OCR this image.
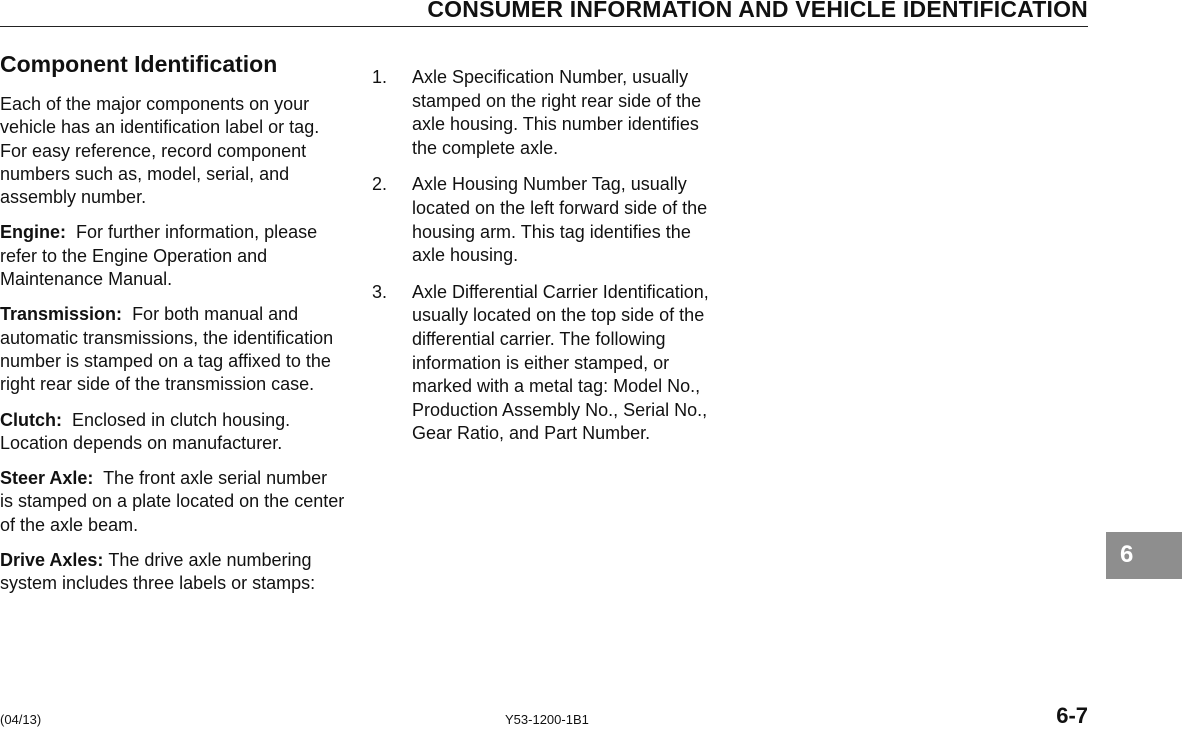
CONSUMER INFORMATION AND VEHICLE IDENTIFICATION
Component Identification

Each of the major components on your vehicle has an identification label or tag. For easy reference, record component numbers such as, model, serial, and assembly number.

Engine: For further information, please refer to the Engine Operation and Maintenance Manual.

Transmission: For both manual and automatic transmissions, the identification number is stamped on a tag affixed to the right rear side of the transmission case.

Clutch: Enclosed in clutch housing. Location depends on manufacturer.

Steer Axle: The front axle serial number is stamped on a plate located on the center of the axle beam.

Drive Axles: The drive axle numbering system includes three labels or stamps:

1. Axle Specification Number, usually stamped on the right rear side of the axle housing. This number identifies the complete axle.
2. Axle Housing Number Tag, usually located on the left forward side of the housing arm. This tag identifies the axle housing.
3. Axle Differential Carrier Identification, usually located on the top side of the differential carrier. The following information is either stamped, or marked with a metal tag: Model No., Production Assembly No., Serial No., Gear Ratio, and Part Number.
6
(04/13)	Y53-1200-1B1	6-7
